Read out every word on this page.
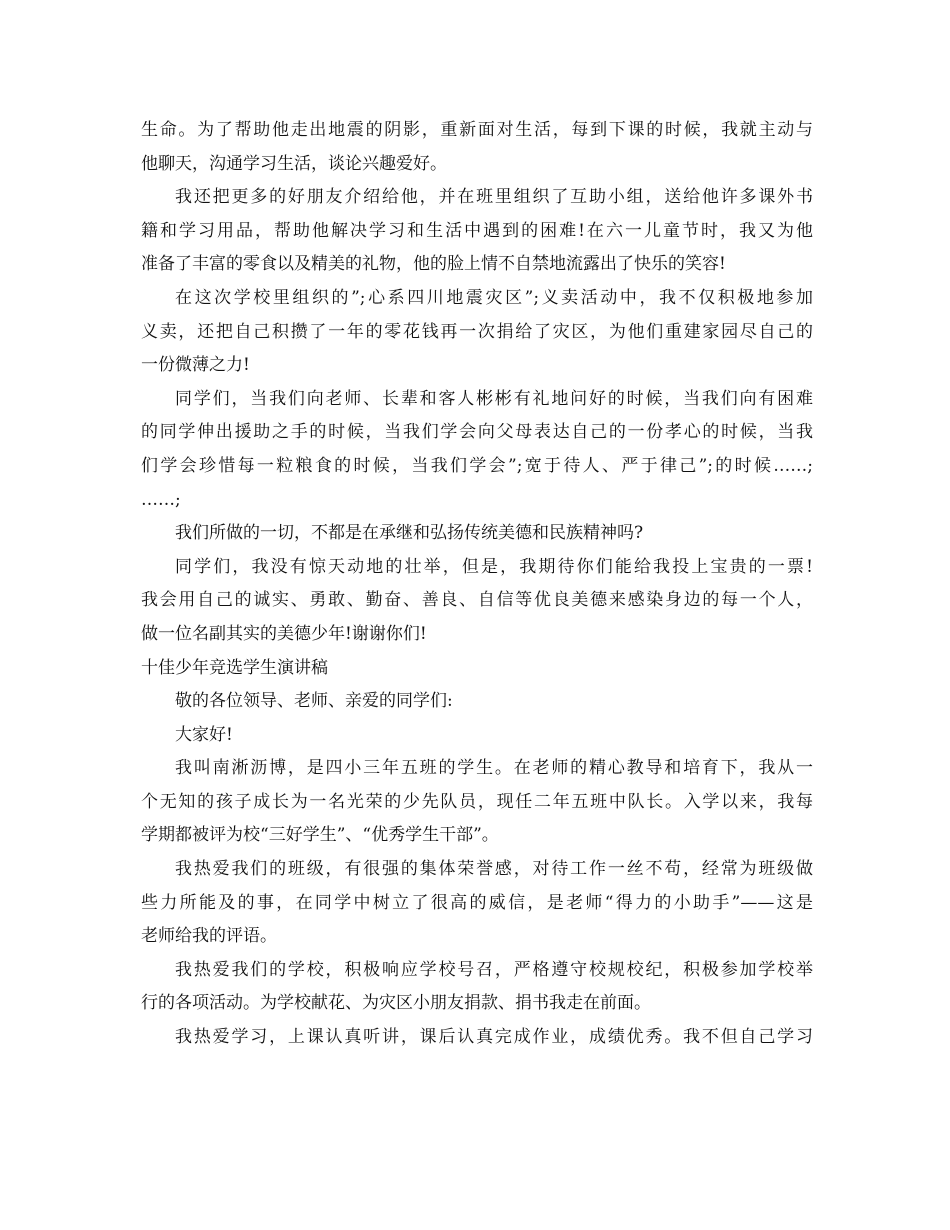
生命。为了帮助他走出地震的阴影，重新面对生活，每到下课的时候，我就主动与
他聊天，沟通学习生活，谈论兴趣爱好。
我还把更多的好朋友介绍给他，并在班里组织了互助小组，送给他许多课外书
籍和学习用品，帮助他解决学习和生活中遇到的困难!在六一儿童节时，我又为他
准备了丰富的零食以及精美的礼物，他的脸上情不自禁地流露出了快乐的笑容!
在这次学校里组织的”;心系四川地震灾区”;义卖活动中，我不仅积极地参加
义卖，还把自己积攒了一年的零花钱再一次捐给了灾区，为他们重建家园尽自己的
一份微薄之力!
同学们，当我们向老师、长辈和客人彬彬有礼地问好的时候，当我们向有困难
的同学伸出援助之手的时候，当我们学会向父母表达自己的一份孝心的时候，当我
们学会珍惜每一粒粮食的时候，当我们学会”;宽于待人、严于律己”;的时候……;
……;
我们所做的一切，不都是在承继和弘扬传统美德和民族精神吗?
同学们，我没有惊天动地的壮举，但是，我期待你们能给我投上宝贵的一票!
我会用自己的诚实、勇敢、勤奋、善良、自信等优良美德来感染身边的每一个人，
做一位名副其实的美德少年!谢谢你们!
十佳少年竞选学生演讲稿
敬的各位领导、老师、亲爱的同学们:
大家好!
我叫南淅沥博，是四小三年五班的学生。在老师的精心教导和培育下，我从一
个无知的孩子成长为一名光荣的少先队员，现任二年五班中队长。入学以来，我每
学期都被评为校“三好学生”、“优秀学生干部”。
我热爱我们的班级，有很强的集体荣誉感，对待工作一丝不苟，经常为班级做
些力所能及的事，在同学中树立了很高的威信，是老师“得力的小助手”——这是
老师给我的评语。
我热爱我们的学校，积极响应学校号召，严格遵守校规校纪，积极参加学校举
行的各项活动。为学校献花、为灾区小朋友捐款、捐书我走在前面。
我热爱学习，上课认真听讲，课后认真完成作业，成绩优秀。我不但自己学习
